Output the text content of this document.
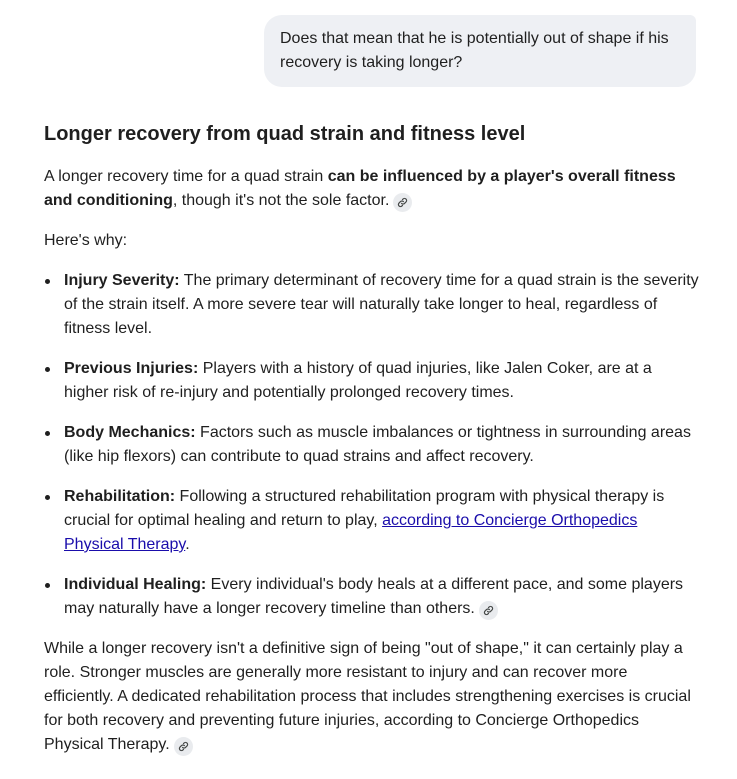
Does that mean that he is potentially out of shape if his recovery is taking longer?
Longer recovery from quad strain and fitness level

A longer recovery time for a quad strain can be influenced by a player's overall fitness and conditioning, though it's not the sole factor.

Here's why:

Injury Severity: The primary determinant of recovery time for a quad strain is the severity of the strain itself. A more severe tear will naturally take longer to heal, regardless of fitness level.
Previous Injuries: Players with a history of quad injuries, like Jalen Coker, are at a higher risk of re-injury and potentially prolonged recovery times.
Body Mechanics: Factors such as muscle imbalances or tightness in surrounding areas (like hip flexors) can contribute to quad strains and affect recovery.
Rehabilitation: Following a structured rehabilitation program with physical therapy is crucial for optimal healing and return to play, according to Concierge Orthopedics Physical Therapy.
Individual Healing: Every individual's body heals at a different pace, and some players may naturally have a longer recovery timeline than others.

While a longer recovery isn't a definitive sign of being "out of shape," it can certainly play a role. Stronger muscles are generally more resistant to injury and can recover more efficiently. A dedicated rehabilitation process that includes strengthening exercises is crucial for both recovery and preventing future injuries, according to Concierge Orthopedics Physical Therapy.
